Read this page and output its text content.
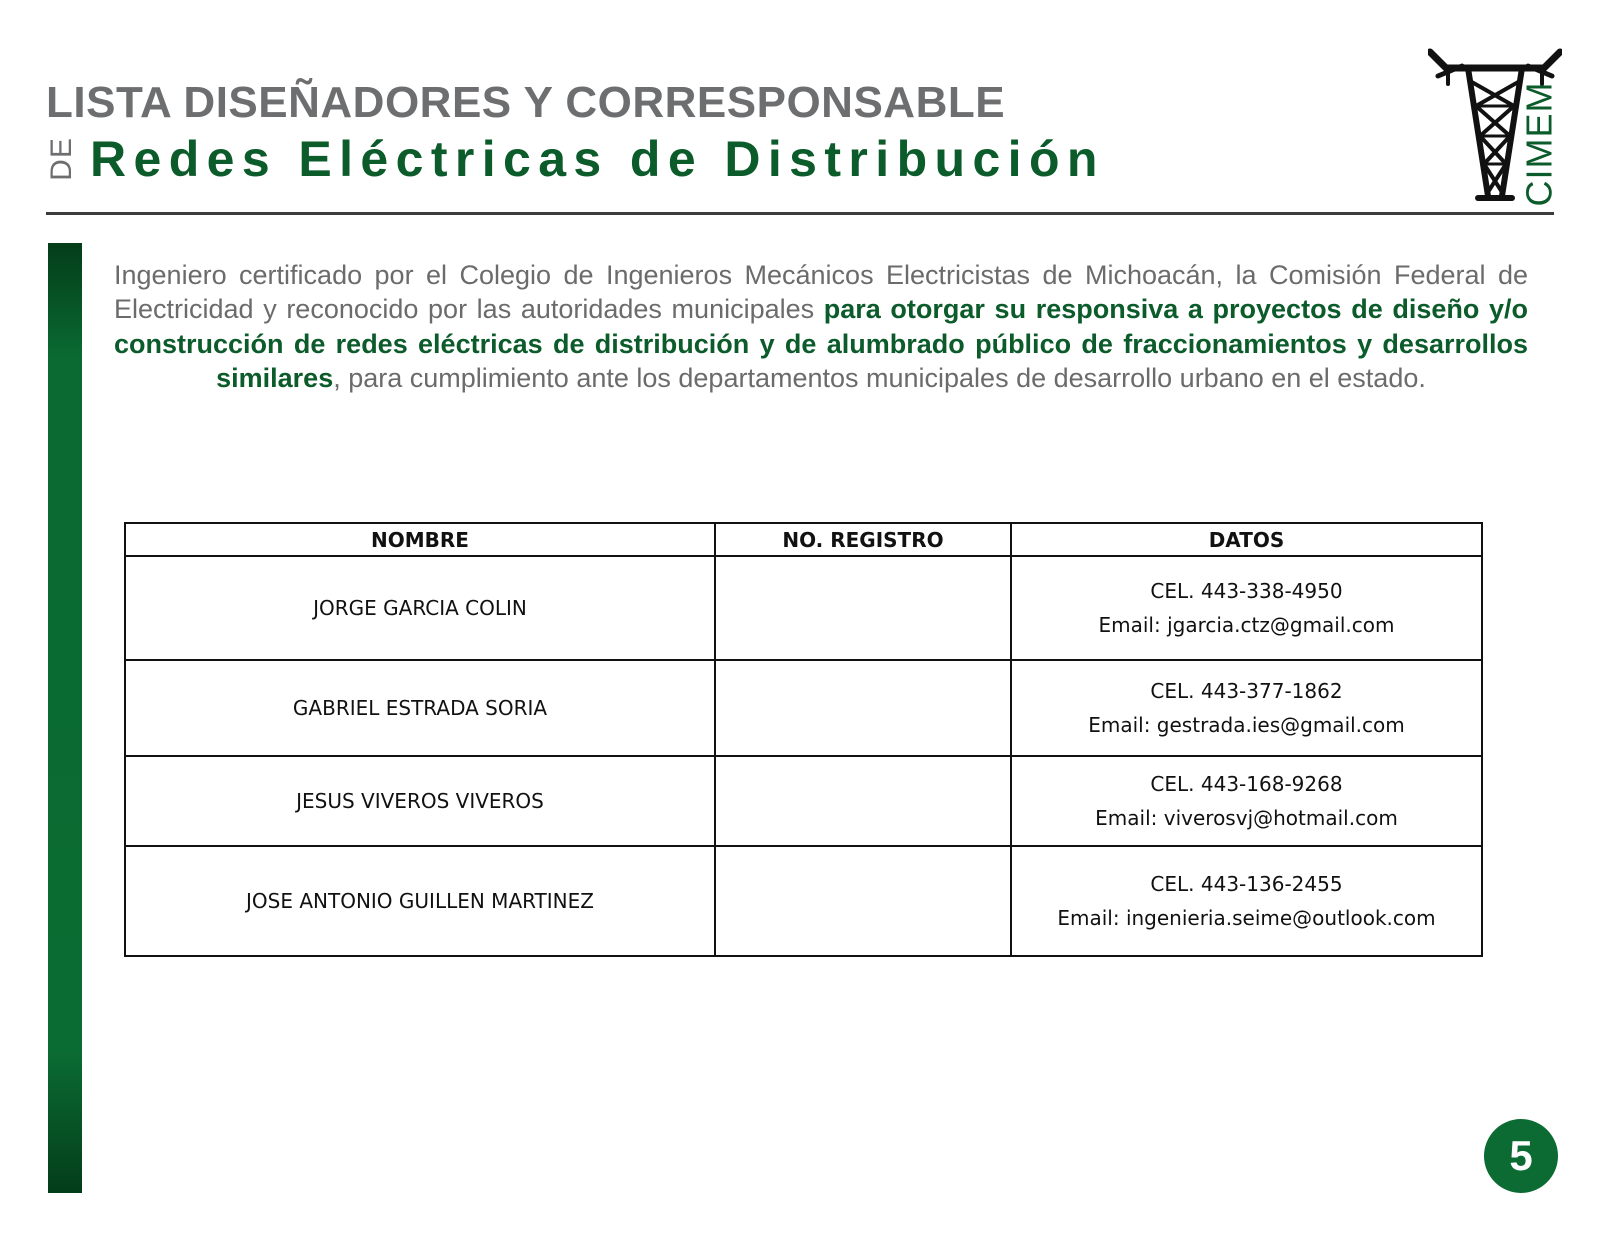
LISTA DISEÑADORES Y CORRESPONSABLE
DE Redes Eléctricas de Distribución	CIMEM

Ingeniero certificado por el Colegio de Ingenieros Mecánicos Electricistas de Michoacán, la Comisión Federal de Electricidad y reconocido por las autoridades municipales para otorgar su responsiva a proyectos de diseño y/o construcción de redes eléctricas de distribución y de alumbrado público de fraccionamientos y desarrollos similares, para cumplimiento ante los departamentos municipales de desarrollo urbano en el estado.

NOMBRE	NO. REGISTRO	DATOS
JORGE GARCIA COLIN		CEL. 443-338-4950
Email: jgarcia.ctz@gmail.com

GABRIEL ESTRADA SORIA		CEL. 443-377-1862
Email: gestrada.ies@gmail.com

JESUS VIVEROS VIVEROS		CEL. 443-168-9268
Email: viverosvj@hotmail.com

JOSE ANTONIO GUILLEN MARTINEZ		CEL. 443-136-2455
Email: ingenieria.seime@outlook.com
5
